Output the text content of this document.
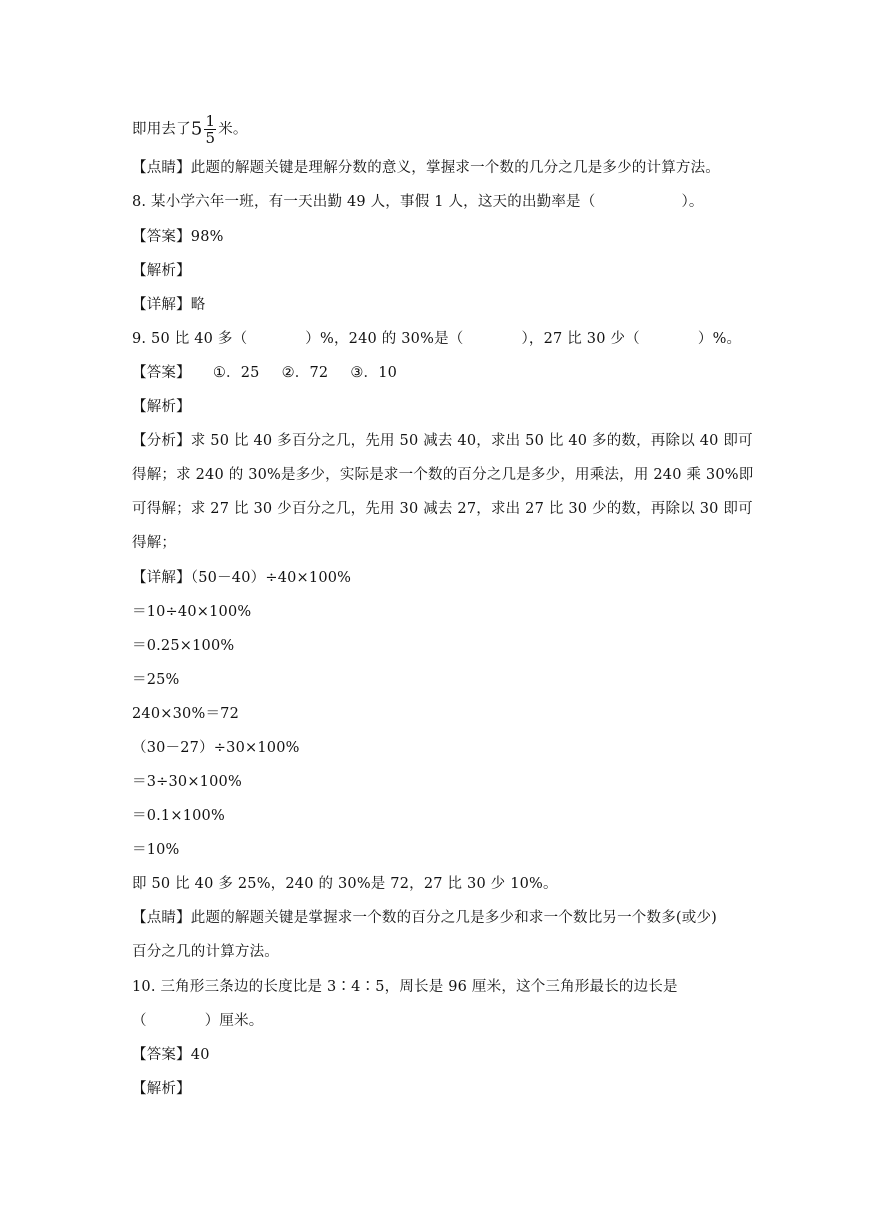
即用去了$5 \frac{1}{5}$ 米。
【点睛】此题的解题关键是理解分数的意义，掌握求一个数的几分之几是多少的计算方法。
8. 某小学六年一班，有一天出勤 49 人，事假 1 人，这天的出勤率是（	）。
【答案】98%
【解析】
【详解】略
9. 50 比 40 多（	）%，240 的 30%是（	），27 比 30 少（	）%。
【答案】 ①．25 ②．72 ③．10
【解析】
【分析】求 50 比 40 多百分之几，先用 50 减去 40，求出 50 比 40 多的数，再除以 40 即可
得解；求 240 的 30%是多少，实际是求一个数的百分之几是多少，用乘法，用 240 乘 30%即
可得解；求 27 比 30 少百分之几，先用 30 减去 27，求出 27 比 30 少的数，再除以 30 即可
得解；
【详解】（50－40）÷40×100%
＝10÷40×100%
＝0.25×100%
＝25%
240×30%＝72
（30－27）÷30×100%
＝3÷30×100%
＝0.1×100%
＝10%
即 50 比 40 多 25%，240 的 30%是 72，27 比 30 少 10%。
【点睛】此题的解题关键是掌握求一个数的百分之几是多少和求一个数比另一个数多(或少)
百分之几的计算方法。
10. 三角形三条边的长度比是 3∶4∶5，周长是 96 厘米，这个三角形最长的边长是
（	）厘米。
【答案】40
【解析】
